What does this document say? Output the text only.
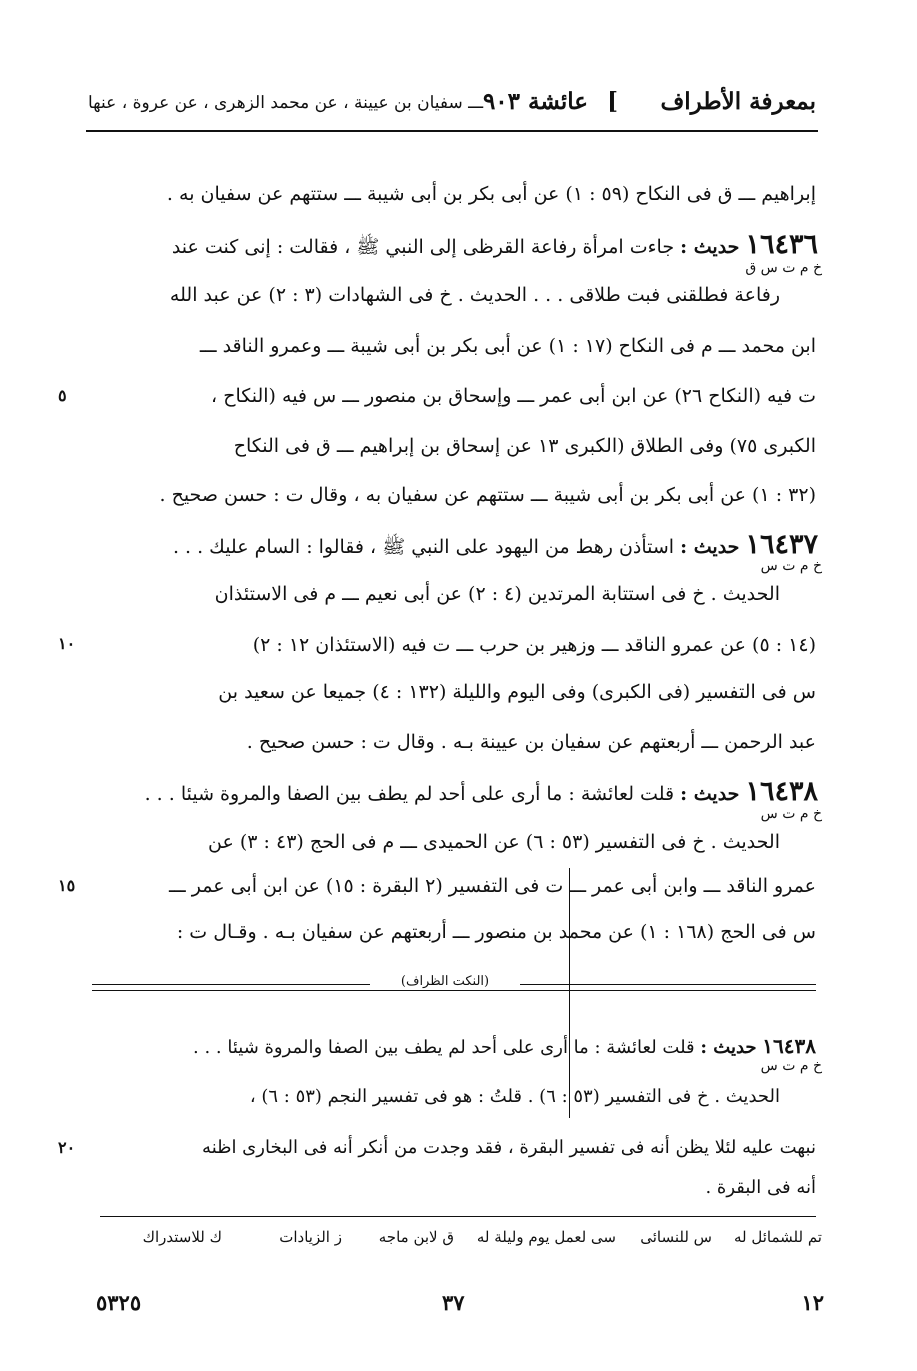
بمعرفة الأطراف
]
عائشة ٩٠٣
ـــ سفيان بن عيينة ، عن محمد الزهرى ، عن عروة ، عنها
إبراهيم ـــ ق فى النكاح (٥٩ : ١) عن أبى بكر بن أبى شيبة ـــ ستتهم عن سفيان به .
١٦٤٣٦ حديث : جاءت امرأة رفاعة القرظى إلى النبي ﷺ ، فقالت : إنى كنت عند
خ م ت س ق
رفاعة فطلقنى فبت طلاقى . . . الحديث . خ فى الشهادات (٣ : ٢) عن عبد الله
ابن محمد ـــ م فى النكاح (١٧ : ١) عن أبى بكر بن أبى شيبة ـــ وعمرو الناقد ـــ
ت فيه (النكاح ٢٦) عن ابن أبى عمر ـــ وإسحاق بن منصور ـــ س فيه (النكاح ،
٥
الكبرى ٧٥) وفى الطلاق (الكبرى ١٣ عن إسحاق بن إبراهيم ـــ ق فى النكاح
(٣٢ : ١) عن أبى بكر بن أبى شيبة ـــ ستتهم عن سفيان به ، وقال ت : حسن صحيح .
١٦٤٣٧ حديث : استأذن رهط من اليهود على النبي ﷺ ، فقالوا : السام عليك . . .
خ م ت س
الحديث . خ فى استتابة المرتدين (٤ : ٢) عن أبى نعيم ـــ م فى الاستئذان
(١٤ : ٥) عن عمرو الناقد ـــ وزهير بن حرب ـــ ت فيه (الاستئذان ١٢ : ٢)
١٠
س فى التفسير (فى الكبرى) وفى اليوم والليلة (١٣٢ : ٤) جميعا عن سعيد بن
عبد الرحمن ـــ أربعتهم عن سفيان بن عيينة بـه . وقال ت : حسن صحيح .
١٦٤٣٨ حديث : قلت لعائشة : ما أرى على أحد لم يطف بين الصفا والمروة شيئا . . .
خ م ت س
الحديث . خ فى التفسير (٥٣ : ٦) عن الحميدى ـــ م فى الحج (٤٣ : ٣) عن
عمرو الناقد ـــ وابن أبى عمر ـــ ت فى التفسير (٢ البقرة : ١٥) عن ابن أبى عمر ـــ
١٥
س فى الحج (١٦٨ : ١) عن محمد بن منصور ـــ أربعتهم عن سفيان بـه . وقـال ت :
(النكت الظراف)
١٦٤٣٨ حديث : قلت لعائشة : ما أرى على أحد لم يطف بين الصفا والمروة شيئا . . .
خ م ت س
الحديث . خ فى التفسير (٥٣ : ٦) . قلتُ : هو فى تفسير النجم (٥٣ : ٦) ،
نبهت عليه لئلا يظن أنه فى تفسير البقرة ، فقد وجدت من أنكر أنه فى البخارى اظنه
٢٠
أنه فى البقرة .
تم للشمائل له
س للنسائى
سى لعمل يوم وليلة له
ق لابن ماجه
ز الزيادات
ك للاستدراك
١٢
٣٧
٥٣٢٥
